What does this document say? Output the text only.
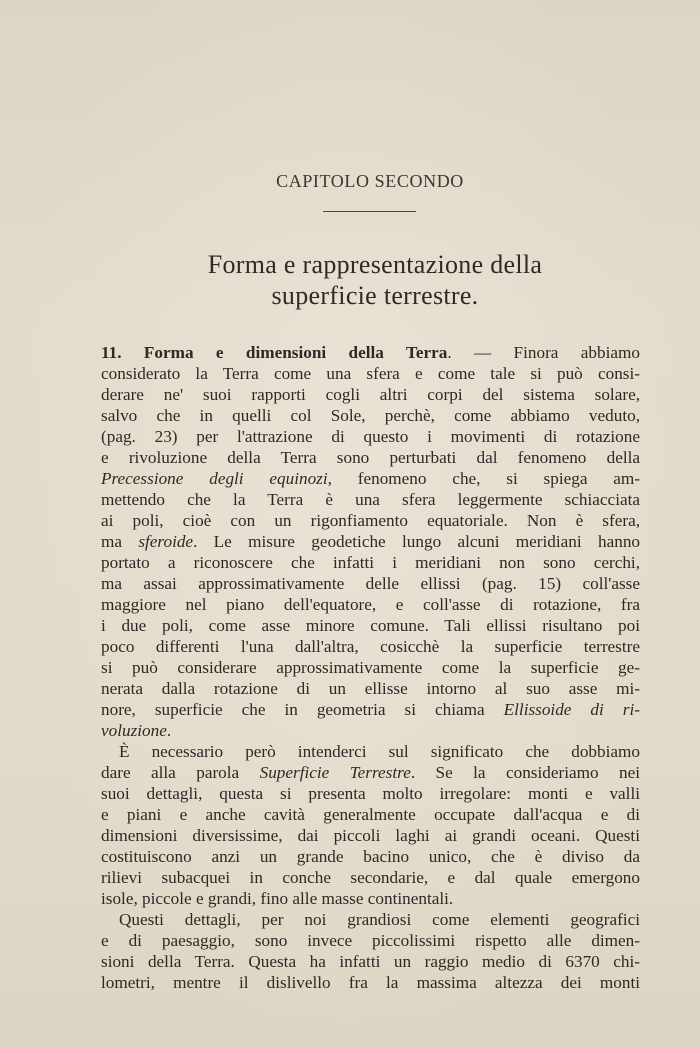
CAPITOLO SECONDO
Forma e rappresentazione della
superficie terrestre.
11. Forma e dimensioni della Terra. — Finora abbiamo
considerato la Terra come una sfera e come tale si può consi-
derare ne' suoi rapporti cogli altri corpi del sistema solare,
salvo che in quelli col Sole, perchè, come abbiamo veduto,
(pag. 23) per l'attrazione di questo i movimenti di rotazione
e rivoluzione della Terra sono perturbati dal fenomeno della
Precessione degli equinozi, fenomeno che, si spiega am-
mettendo che la Terra è una sfera leggermente schiacciata
ai poli, cioè con un rigonfiamento equatoriale. Non è sfera,
ma sferoide. Le misure geodetiche lungo alcuni meridiani hanno
portato a riconoscere che infatti i meridiani non sono cerchi,
ma assai approssimativamente delle ellissi (pag. 15) coll'asse
maggiore nel piano dell'equatore, e coll'asse di rotazione, fra
i due poli, come asse minore comune. Tali ellissi risultano poi
poco differenti l'una dall'altra, cosicchè la superficie terrestre
si può considerare approssimativamente come la superficie ge-
nerata dalla rotazione di un ellisse intorno al suo asse mi-
nore, superficie che in geometria si chiama Ellissoide di ri-
voluzione.
È necessario però intenderci sul significato che dobbiamo
dare alla parola Superficie Terrestre. Se la consideriamo nei
suoi dettagli, questa si presenta molto irregolare: monti e valli
e piani e anche cavità generalmente occupate dall'acqua e di
dimensioni diversissime, dai piccoli laghi ai grandi oceani. Questi
costituiscono anzi un grande bacino unico, che è diviso da
rilievi subacquei in conche secondarie, e dal quale emergono
isole, piccole e grandi, fino alle masse continentali.
Questi dettagli, per noi grandiosi come elementi geografici
e di paesaggio, sono invece piccolissimi rispetto alle dimen-
sioni della Terra. Questa ha infatti un raggio medio di 6370 chi-
lometri, mentre il dislivello fra la massima altezza dei monti
